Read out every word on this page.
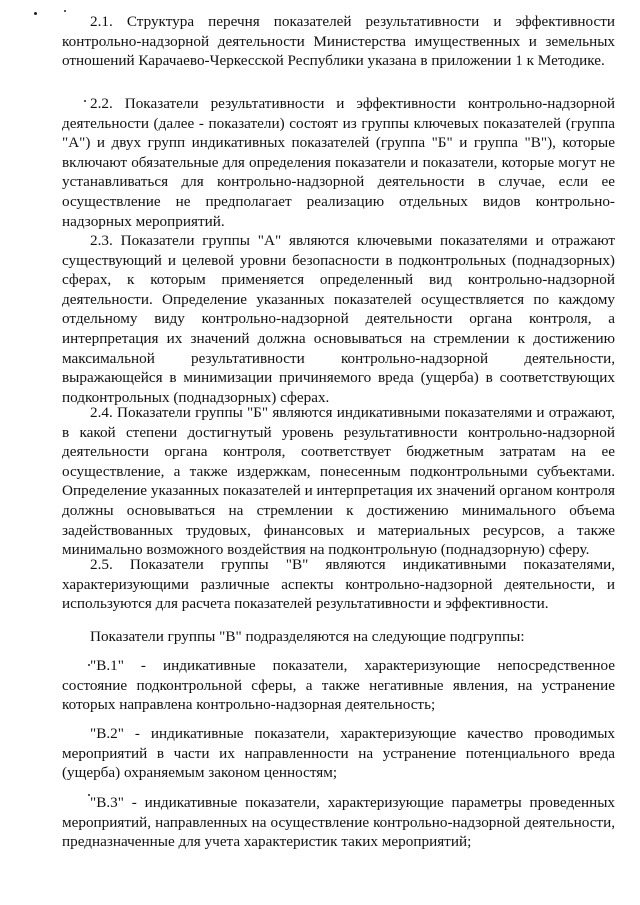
2.1. Структура перечня показателей результативности и эффективности контрольно-надзорной деятельности Министерства имущественных и земельных отношений Карачаево-Черкесской Республики указана в приложении 1 к Методике.

2.2. Показатели результативности и эффективности контрольно-надзорной деятельности (далее - показатели) состоят из группы ключевых показателей (группа "А") и двух групп индикативных показателей (группа "Б" и группа "В"), которые включают обязательные для определения показатели и показатели, которые могут не устанавливаться для контрольно-надзорной деятельности в случае, если ее осуществление не предполагает реализацию отдельных видов контрольно-надзорных мероприятий.

2.3. Показатели группы "А" являются ключевыми показателями и отражают существующий и целевой уровни безопасности в подконтрольных (поднадзорных) сферах, к которым применяется определенный вид контрольно-надзорной деятельности. Определение указанных показателей осуществляется по каждому отдельному виду контрольно-надзорной деятельности органа контроля, а интерпретация их значений должна основываться на стремлении к достижению максимальной результативности контрольно-надзорной деятельности, выражающейся в минимизации причиняемого вреда (ущерба) в соответствующих подконтрольных (поднадзорных) сферах.

2.4. Показатели группы "Б" являются индикативными показателями и отражают, в какой степени достигнутый уровень результативности контрольно-надзорной деятельности органа контроля, соответствует бюджетным затратам на ее осуществление, а также издержкам, понесенным подконтрольными субъектами. Определение указанных показателей и интерпретация их значений органом контроля должны основываться на стремлении к достижению минимального объема задействованных трудовых, финансовых и материальных ресурсов, а также минимально возможного воздействия на подконтрольную (поднадзорную) сферу.

2.5. Показатели группы "В" являются индикативными показателями, характеризующими различные аспекты контрольно-надзорной деятельности, и используются для расчета показателей результативности и эффективности.

Показатели группы "В" подразделяются на следующие подгруппы:

"В.1" - индикативные показатели, характеризующие непосредственное состояние подконтрольной сферы, а также негативные явления, на устранение которых направлена контрольно-надзорная деятельность;

"В.2" - индикативные показатели, характеризующие качество проводимых мероприятий в части их направленности на устранение потенциального вреда (ущерба) охраняемым законом ценностям;

"В.3" - индикативные показатели, характеризующие параметры проведенных мероприятий, направленных на осуществление контрольно-надзорной деятельности, предназначенные для учета характеристик таких мероприятий;
